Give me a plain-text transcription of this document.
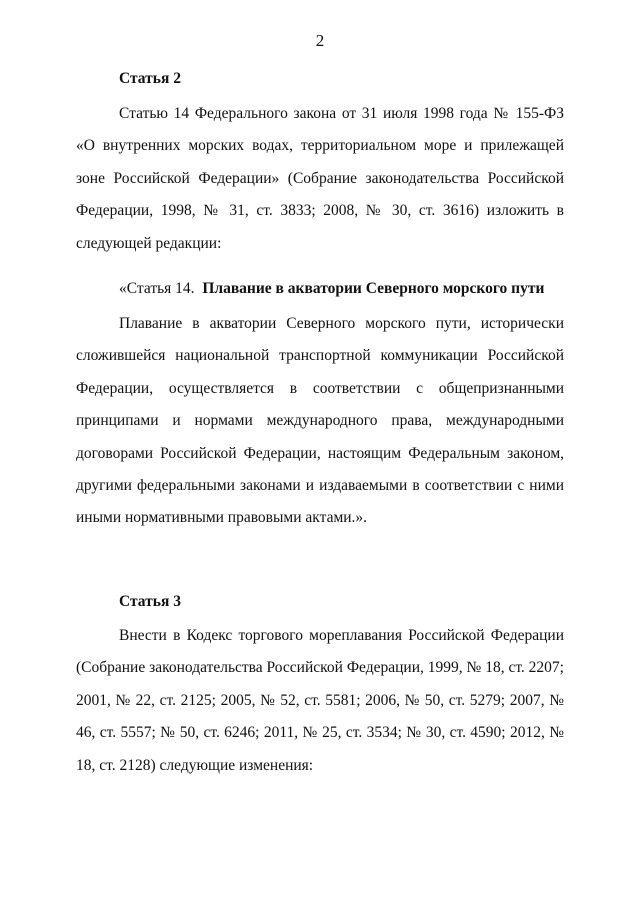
2
Статья 2
Статью 14 Федерального закона от 31 июля 1998 года № 155-ФЗ «О внутренних морских водах, территориальном море и прилежащей зоне Российской Федерации» (Собрание законодательства Российской Федерации, 1998, № 31, ст. 3833; 2008, № 30, ст. 3616) изложить в следующей редакции:
«Статья 14. Плавание в акватории Северного морского пути
Плавание в акватории Северного морского пути, исторически сложившейся национальной транспортной коммуникации Российской Федерации, осуществляется в соответствии с общепризнанными принципами и нормами международного права, международными договорами Российской Федерации, настоящим Федеральным законом, другими федеральными законами и издаваемыми в соответствии с ними иными нормативными правовыми актами.».
Статья 3
Внести в Кодекс торгового мореплавания Российской Федерации (Собрание законодательства Российской Федерации, 1999, № 18, ст. 2207; 2001, № 22, ст. 2125; 2005, № 52, ст. 5581; 2006, № 50, ст. 5279; 2007, № 46, ст. 5557; № 50, ст. 6246; 2011, № 25, ст. 3534; № 30, ст. 4590; 2012, № 18, ст. 2128) следующие изменения:
